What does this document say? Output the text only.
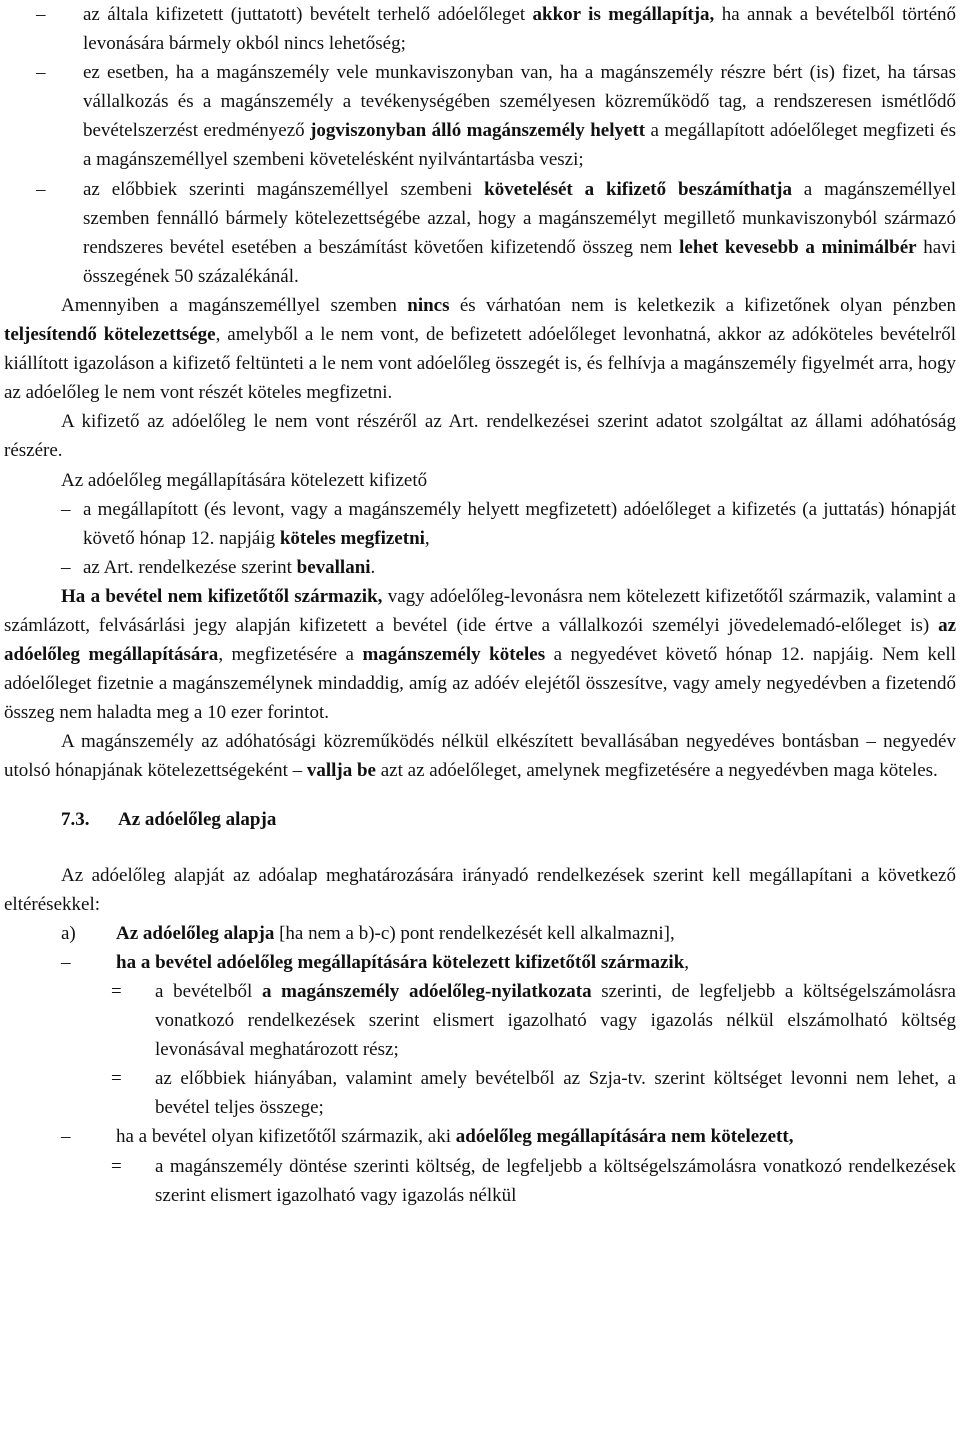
– az általa kifizetett (juttatott) bevételt terhelő adóelőleget akkor is megállapítja, ha annak a bevételből történő levonására bármely okból nincs lehetőség;
– ez esetben, ha a magánszemély vele munkaviszonyban van, ha a magánszemély részre bért (is) fizet, ha társas vállalkozás és a magánszemély a tevékenységében személyesen közreműködő tag, a rendszeresen ismétlődő bevételszerzést eredményező jogviszonyban álló magánszemély helyett a megállapított adóelőleget megfizeti és a magánszeméllyel szembeni követelésként nyilvántartásba veszi;
– az előbbiek szerinti magánszeméllyel szembeni követelését a kifizető beszámíthatja a magánszeméllyel szemben fennálló bármely kötelezettségébe azzal, hogy a magánszemélyt megillető munkaviszonyból származó rendszeres bevétel esetében a beszámítást követően kifizetendő összeg nem lehet kevesebb a minimálbér havi összegének 50 százalékánál.
Amennyiben a magánszeméllyel szemben nincs és várhatóan nem is keletkezik a kifizetőnek olyan pénzben teljesítendő kötelezettsége, amelyből a le nem vont, de befizetett adóelőleget levonhatná, akkor az adóköteles bevételről kiállított igazoláson a kifizető feltünteti a le nem vont adóelőleg összegét is, és felhívja a magánszemély figyelmét arra, hogy az adóelőleg le nem vont részét köteles megfizetni.
A kifizető az adóelőleg le nem vont részéről az Art. rendelkezései szerint adatot szolgáltat az állami adóhatóság részére.
Az adóelőleg megállapítására kötelezett kifizető
– a megállapított (és levont, vagy a magánszemély helyett megfizetett) adóelőleget a kifizetés (a juttatás) hónapját követő hónap 12. napjáig köteles megfizetni,
– az Art. rendelkezése szerint bevallani.
Ha a bevétel nem kifizetőtől származik, vagy adóelőleg-levonásra nem kötelezett kifizetőtől származik, valamint a számlázott, felvásárlási jegy alapján kifizetett a bevétel (ide értve a vállalkozói személyi jövedelemadó-előleget is) az adóelőleg megállapítására, megfizetésére a magánszemély köteles a negyedévet követő hónap 12. napjáig. Nem kell adóelőleget fizetnie a magánszemélynek mindaddig, amíg az adóév elejétől összesítve, vagy amely negyedévben a fizetendő összeg nem haladta meg a 10 ezer forintot.
A magánszemély az adóhatósági közreműködés nélkül elkészített bevallásában negyedéves bontásban – negyedév utolsó hónapjának kötelezettségeként – vallja be azt az adóelőleget, amelynek megfizetésére a negyedévben maga köteles.
7.3. Az adóelőleg alapja
Az adóelőleg alapját az adóalap meghatározására irányadó rendelkezések szerint kell megállapítani a következő eltérésekkel:
a) Az adóelőleg alapja [ha nem a b)-c) pont rendelkezését kell alkalmazni],
– ha a bevétel adóelőleg megállapítására kötelezett kifizetőtől származik,
= a bevételből a magánszemély adóelőleg-nyilatkozata szerinti, de legfeljebb a költségelszámolásra vonatkozó rendelkezések szerint elismert igazolható vagy igazolás nélkül elszámolható költség levonásával meghatározott rész;
= az előbbiek hiányában, valamint amely bevételből az Szja-tv. szerint költséget levonni nem lehet, a bevétel teljes összege;
– ha a bevétel olyan kifizetőtől származik, aki adóelőleg megállapítására nem kötelezett,
= a magánszemély döntése szerinti költség, de legfeljebb a költségelszámolásra vonatkozó rendelkezések szerint elismert igazolható vagy igazolás nélkül
